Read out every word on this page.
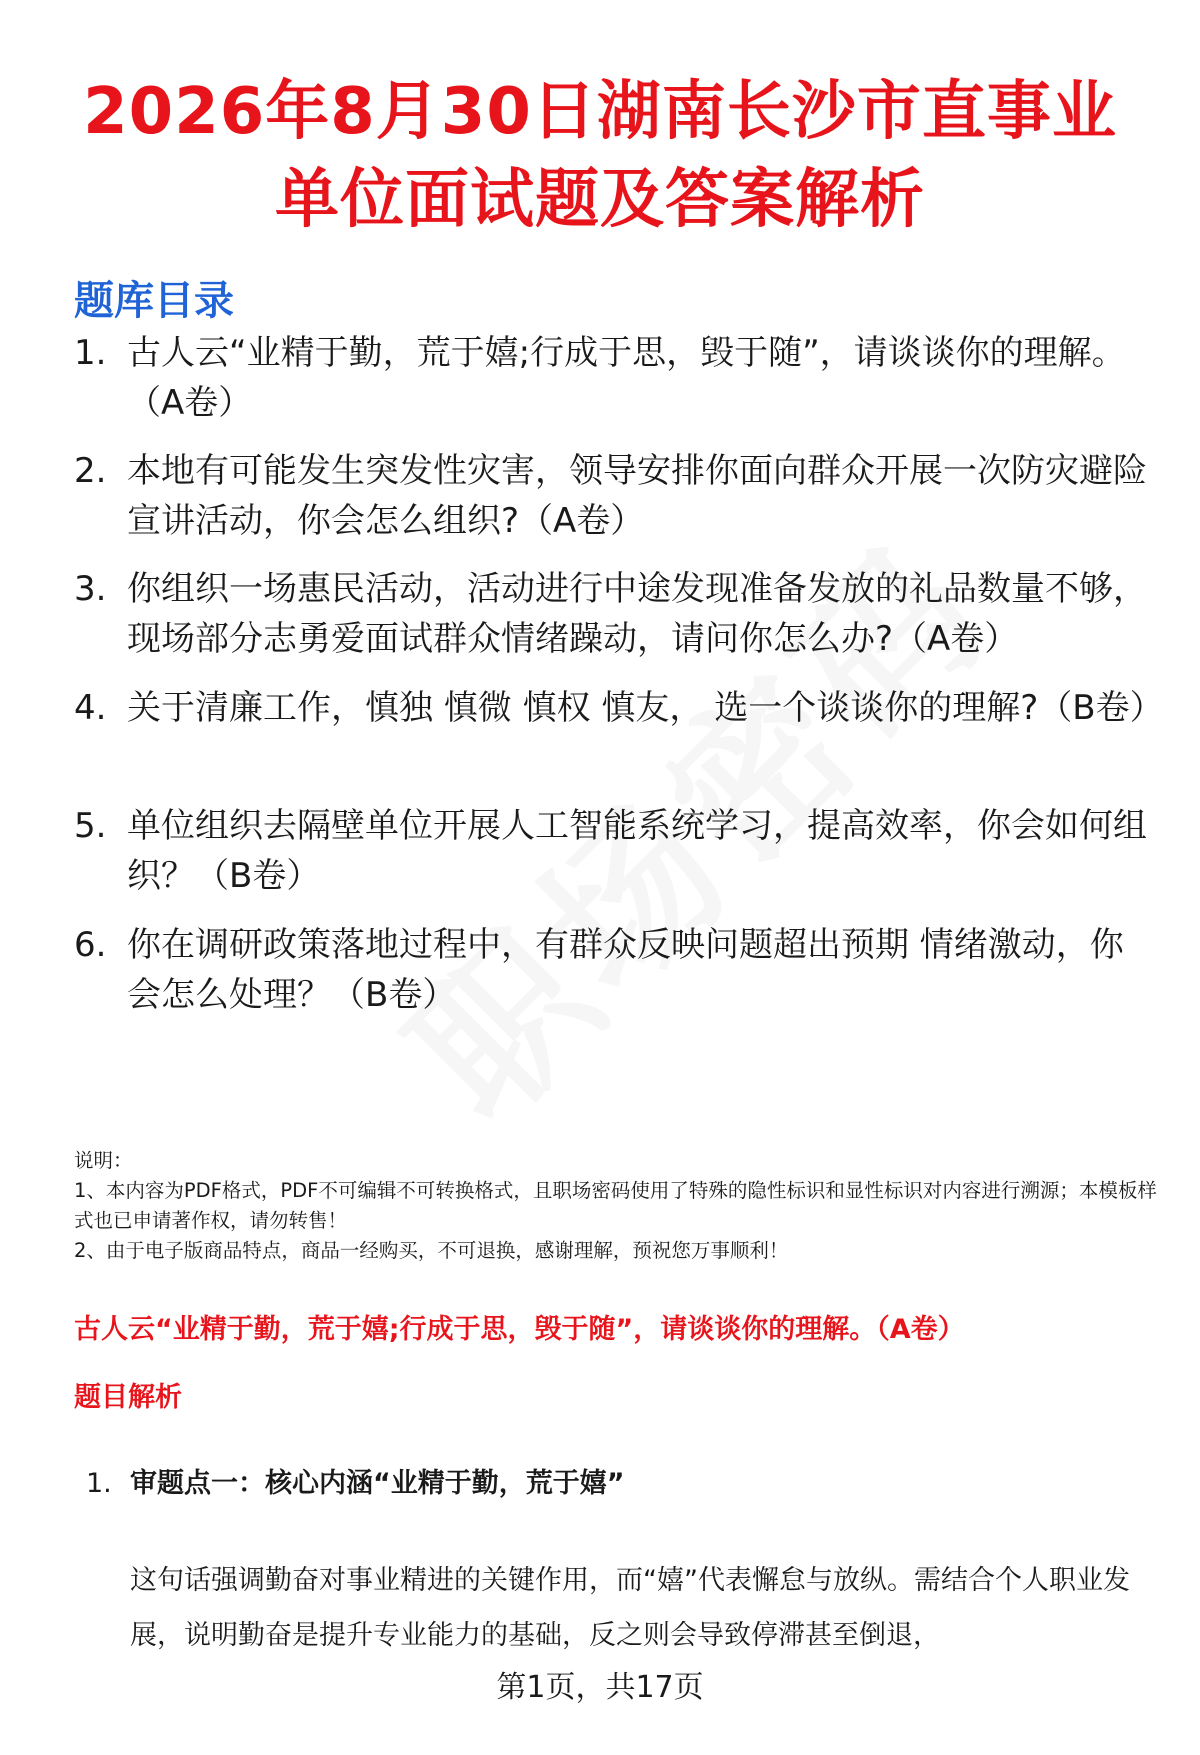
2026年8月30日湖南长沙市直事业
单位面试题及答案解析
题库目录
1. 古人云“业精于勤，荒于嬉;行成于思，毁于随”，请谈谈你的理解。（A卷）
2. 本地有可能发生突发性灾害，领导安排你面向群众开展一次防灾避险宣讲活动，你会怎么组织?（A卷）
3. 你组织一场惠民活动，活动进行中途发现准备发放的礼品数量不够，现场部分志勇爱面试群众情绪躁动，请问你怎么办?（A卷）
4. 关于清廉工作，慎独 慎微 慎权 慎友， 选一个谈谈你的理解?（B卷）
5. 单位组织去隔壁单位开展人工智能系统学习，提高效率，你会如何组织？（B卷）
6. 你在调研政策落地过程中，有群众反映问题超出预期 情绪激动，你会怎么处理？（B卷）
说明：
1、本内容为PDF格式，PDF不可编辑不可转换格式，且职场密码使用了特殊的隐性标识和显性标识对内容进行溯源；本模板样式也已申请著作权，请勿转售！
2、由于电子版商品特点，商品一经购买，不可退换，感谢理解，预祝您万事顺利！
古人云“业精于勤，荒于嬉;行成于思，毁于随”，请谈谈你的理解。（A卷）
题目解析
1. 审题点一：核心内涵“业精于勤，荒于嬉”
这句话强调勤奋对事业精进的关键作用，而“嬉”代表懈怠与放纵。需结合个人职业发展，说明勤奋是提升专业能力的基础，反之则会导致停滞甚至倒退，
第1页，共17页
